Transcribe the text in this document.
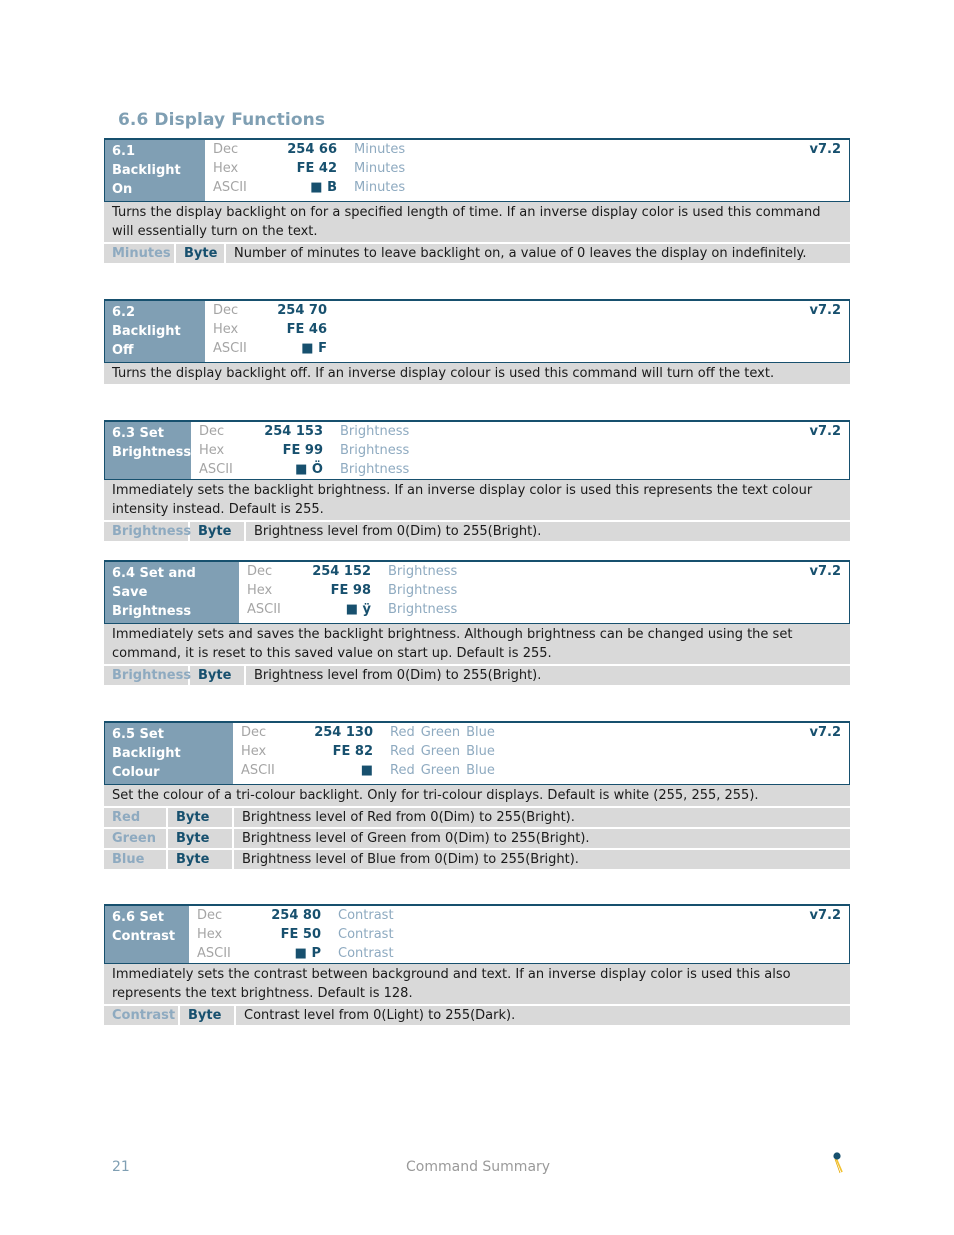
6.6 Display Functions
6.1 Backlight
On
Dec	254 66	Minutes
Hex	FE 42	Minutes
ASCII	■ B	Minutes
v7.2
Turns the display backlight on for a specified length of time. If an inverse display color is used this command will essentially turn on the text.
Minutes	Byte	Number of minutes to leave backlight on, a value of 0 leaves the display on indefinitely.
6.2 Backlight
Off
Dec	254 70
Hex	FE 46
ASCII	■ F
v7.2
Turns the display backlight off. If an inverse display colour is used this command will turn off the text.
6.3 Set
Brightness
Dec	254 153	Brightness
Hex	FE 99	Brightness
ASCII	■ Ö	Brightness
v7.2
Immediately sets the backlight brightness. If an inverse display color is used this represents the text colour intensity instead. Default is 255.
Brightness Byte	Brightness level from 0(Dim) to 255(Bright).
6.4 Set and Save
Brightness
Dec	254 152	Brightness
Hex	FE 98	Brightness
ASCII	■ ÿ	Brightness
v7.2
Immediately sets and saves the backlight brightness. Although brightness can be changed using the set command, it is reset to this saved value on start up. Default is 255.
Brightness Byte	Brightness level from 0(Dim) to 255(Bright).
6.5 Set Backlight
Colour
Dec	254 130	Red Green Blue
Hex	FE 82	Red Green Blue
ASCII	■	Red Green Blue
v7.2
Set the colour of a tri-colour backlight. Only for tri-colour displays. Default is white (255, 255, 255).
Red	Byte	Brightness level of Red from 0(Dim) to 255(Bright).
Green	Byte	Brightness level of Green from 0(Dim) to 255(Bright).
Blue	Byte	Brightness level of Blue from 0(Dim) to 255(Bright).
6.6 Set
Contrast
Dec	254 80	Contrast
Hex	FE 50	Contrast
ASCII	■ P	Contrast
v7.2
Immediately sets the contrast between background and text. If an inverse display color is used this also represents the text brightness. Default is 128.
Contrast Byte	Contrast level from 0(Light) to 255(Dark).
21	Command Summary
